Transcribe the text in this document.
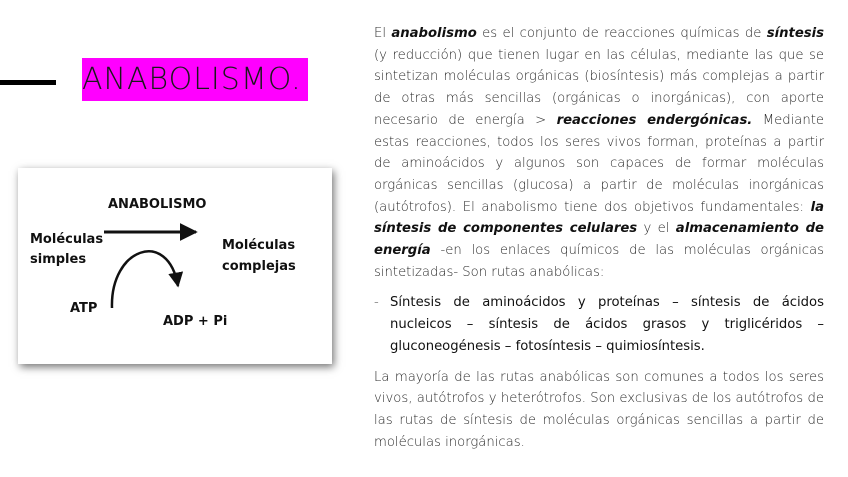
ANABOLISMO.
ANABOLISMO
Moléculas
simples
Moléculas
complejas
ATP
ADP + Pi

El anabolismo es el conjunto de reacciones químicas de síntesis (y reducción) que tienen lugar en las células, mediante las que se sintetizan moléculas orgánicas (biosíntesis) más complejas a partir de otras más sencillas (orgánicas o inorgánicas), con aporte necesario de energía > reacciones endergónicas. Mediante estas reacciones, todos los seres vivos forman, proteínas a partir de aminoácidos y algunos son capaces de formar moléculas orgánicas sencillas (glucosa) a partir de moléculas inorgánicas (autótrofos). El anabolismo tiene dos objetivos fundamentales: la síntesis de componentes celulares y el almacenamiento de energía -en los enlaces químicos de las moléculas orgánicas sintetizadas- Son rutas anabólicas:

- Síntesis de aminoácidos y proteínas – síntesis de ácidos nucleicos – síntesis de ácidos grasos y triglicéridos – gluconeogénesis – fotosíntesis – quimiosíntesis.

La mayoría de las rutas anabólicas son comunes a todos los seres vivos, autótrofos y heterótrofos. Son exclusivas de los autótrofos de las rutas de síntesis de moléculas orgánicas sencillas a partir de moléculas inorgánicas.
